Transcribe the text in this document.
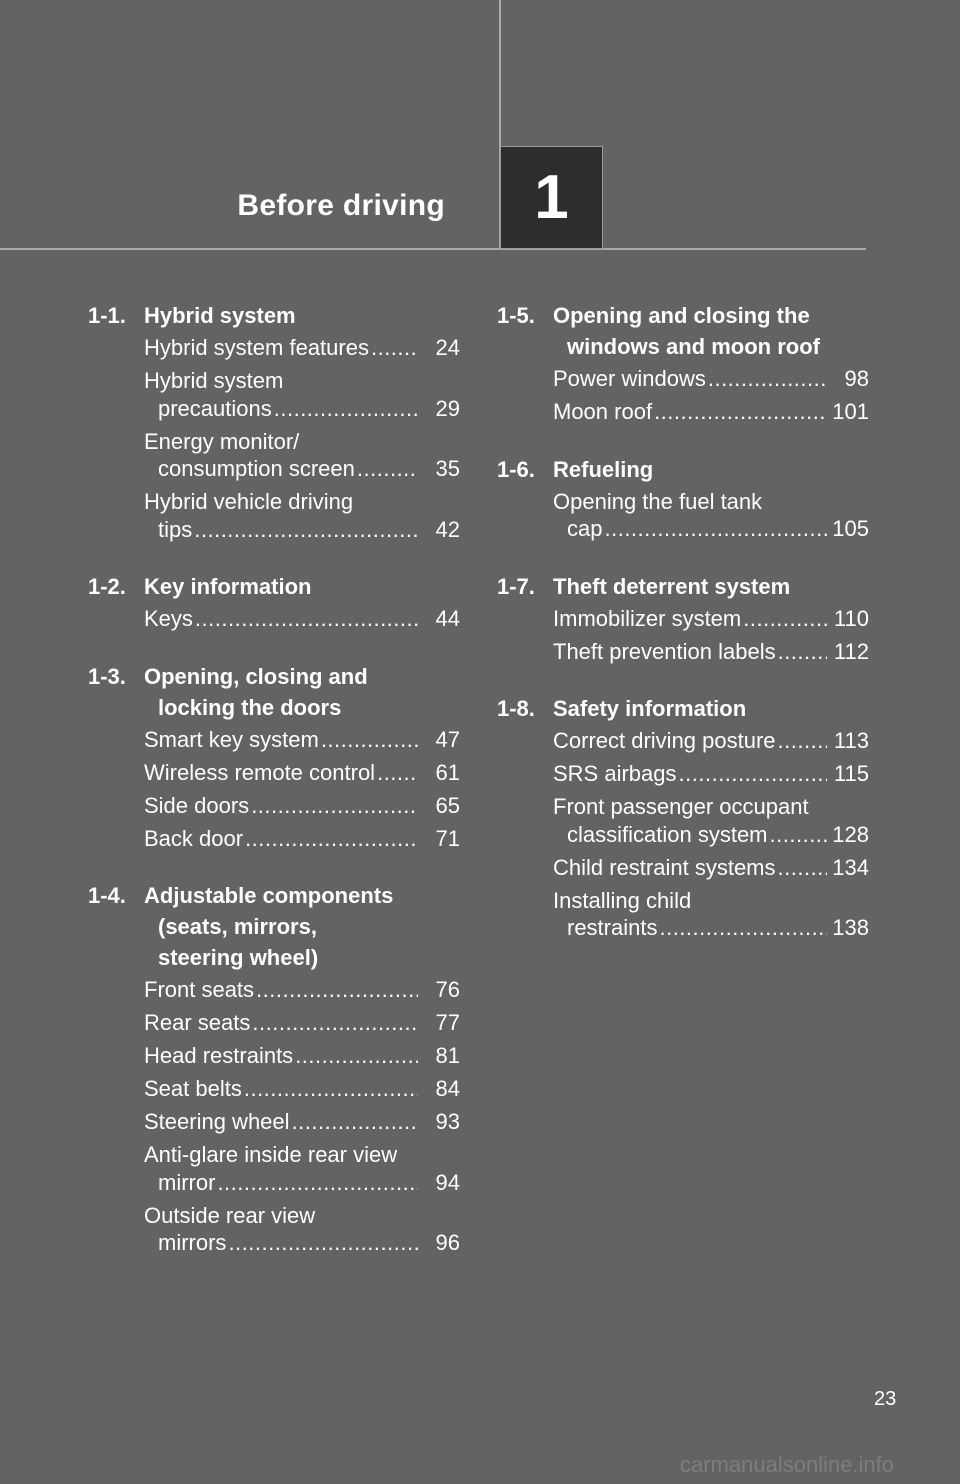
Before driving 1
1-1. Hybrid system
Hybrid system features .....	24
Hybrid system
precautions .....	29
Energy monitor/
consumption screen .....	35
Hybrid vehicle driving
tips .....	42
1-2. Key information
Keys .....	44
1-3. Opening, closing and
locking the doors
Smart key system .....	47
Wireless remote control .....	61
Side doors .....	65
Back door .....	71
1-4. Adjustable components
(seats, mirrors,
steering wheel)
Front seats .....	76
Rear seats .....	77
Head restraints .....	81
Seat belts .....	84
Steering wheel .....	93
Anti-glare inside rear view
mirror .....	94
Outside rear view
mirrors .....	96
1-5. Opening and closing the
windows and moon roof
Power windows .....	98
Moon roof .....	101
1-6. Refueling
Opening the fuel tank
cap .....	105
1-7. Theft deterrent system
Immobilizer system .....	110
Theft prevention labels .....	112
1-8. Safety information
Correct driving posture .....	113
SRS airbags .....	115
Front passenger occupant
classification system .....	128
Child restraint systems .....	134
Installing child
restraints .....	138
23
carmanualsonline.info
